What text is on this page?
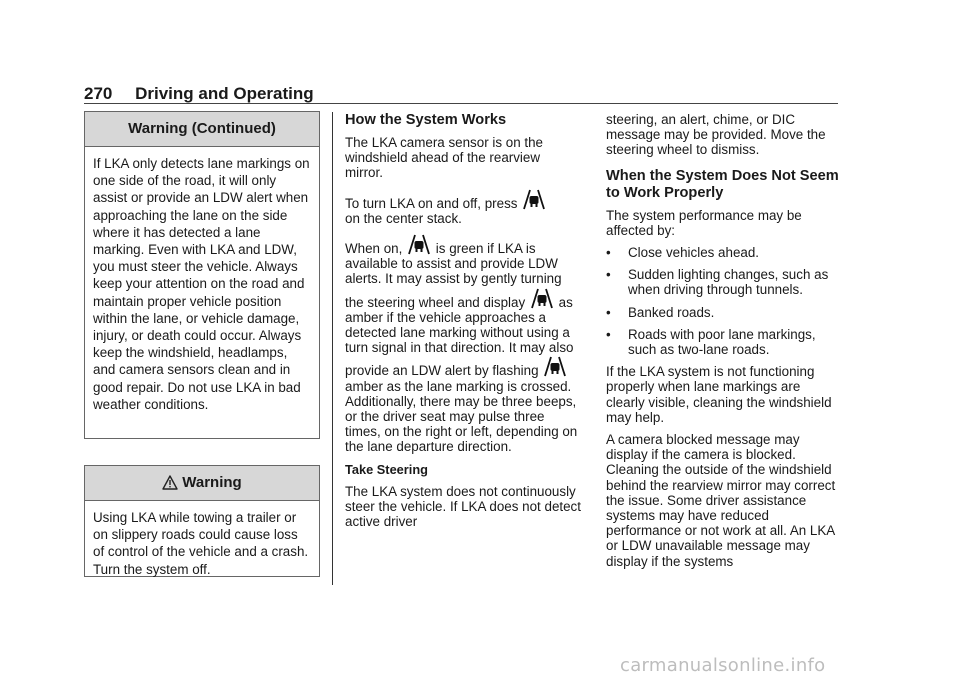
270 Driving and Operating
Warning (Continued)
If LKA only detects lane markings on one side of the road, it will only assist or provide an LDW alert when approaching the lane on the side where it has detected a lane marking. Even with LKA and LDW, you must steer the vehicle. Always keep your attention on the road and maintain proper vehicle position within the lane, or vehicle damage, injury, or death could occur. Always keep the windshield, headlamps, and camera sensors clean and in good repair. Do not use LKA in bad weather conditions.
Warning
Using LKA while towing a trailer or on slippery roads could cause loss of control of the vehicle and a crash. Turn the system off.
How the System Works

The LKA camera sensor is on the windshield ahead of the rearview mirror.

To turn LKA on and off, press

on the center stack.

When on, is green if LKA is available to assist and provide LDW alerts. It may assist by gently turning the steering wheel and display as amber if the vehicle approaches a detected lane marking without using a turn signal in that direction. It may also provide an LDW alert by flashing
amber as the lane marking is crossed. Additionally, there may be three beeps, or the driver seat may pulse three times, on the right or left, depending on the lane departure direction.

Take Steering

The LKA system does not continuously steer the vehicle. If LKA does not detect active driver

steering, an alert, chime, or DIC message may be provided. Move the steering wheel to dismiss.

When the System Does Not Seem to Work Properly

The system performance may be affected by:

•	Close vehicles ahead.
•	Sudden lighting changes, such as when driving through tunnels.
•	Banked roads.
•	Roads with poor lane markings, such as two-lane roads.

If the LKA system is not functioning properly when lane markings are clearly visible, cleaning the windshield may help.

A camera blocked message may display if the camera is blocked. Cleaning the outside of the windshield behind the rearview mirror may correct the issue. Some driver assistance systems may have reduced performance or not work at all. An LKA or LDW unavailable message may display if the systems

carmanualsonline.info
